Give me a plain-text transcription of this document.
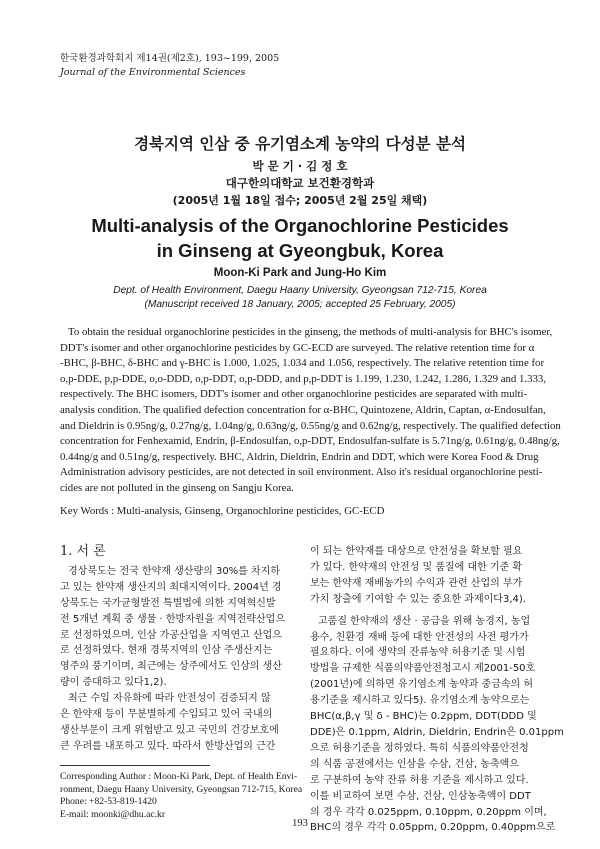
한국환경과학회지 제14권(제2호), 193~199, 2005
Journal of the Environmental Sciences
경북지역 인삼 중 유기염소계 농약의 다성분 분석
박 문 기 · 김 정 호
대구한의대학교 보건환경학과
(2005년 1월 18일 접수; 2005년 2월 25일 채택)
Multi-analysis of the Organochlorine Pesticides
in Ginseng at Gyeongbuk, Korea
Moon-Ki Park and Jung-Ho Kim
Dept. of Health Environment, Daegu Haany University, Gyeongsan 712-715, Korea
(Manuscript received 18 January, 2005; accepted 25 February, 2005)
To obtain the residual organochlorine pesticides in the ginseng, the methods of multi-analysis for BHC's isomer,
DDT's isomer and other organochlorine pesticides by GC-ECD are surveyed. The relative retention time for α
-BHC, β-BHC, δ-BHC and γ-BHC is 1.000, 1.025, 1.034 and 1.056, respectively. The relative retention time for
o,p-DDE, p,p-DDE, o,o-DDD, o,p-DDT, o,p-DDD, and p,p-DDT is 1.199, 1.230, 1.242, 1.286, 1.329 and 1.333,
respectively. The BHC isomers, DDT's isomer and other organochlorine pesticides are separated with multi-
analysis condition. The qualified defection concentration for α-BHC, Quintozene, Aldrin, Captan, α-Endosulfan,
and Dieldrin is 0.95ng/g, 0.27ng/g, 1.04ng/g, 0.63ng/g, 0.55ng/g and 0.62ng/g, respectively. The qualified defection
concentration for Fenhexamid, Endrin, β-Endosulfan, o,p-DDT, Endosulfan-sulfate is 5.71ng/g, 0.61ng/g, 0.48ng/g,
0.44ng/g and 0.51ng/g, respectively. BHC, Aldrin, Dieldrin, Endrin and DDT, which were Korea Food & Drug
Administration advisory pesticides, are not detected in soil environment. Also it's residual organochlorine pesti-
cides are not polluted in the ginseng on Sangju Korea.
Key Words : Multi-analysis, Ginseng, Organochlorine pesticides, GC-ECD
1. 서 론
경상북도는 전국 한약재 생산량의 30%를 차지하
고 있는 한약재 생산지의 최대지역이다. 2004년 경
상북도는 국가균형발전 특별법에 의한 지역혁신발
전 5개년 계획 중 생물 · 한방자원을 지역전략산업으
로 선정하였으며, 인삼 가공산업을 지역연고 산업으
로 선정하였다. 현재 경북지역의 인삼 주생산지는
영주의 풍기이며, 최근에는 상주에서도 인삼의 생산
량이 증대하고 있다1,2).
최근 수입 자유화에 따라 안전성이 검증되지 않
은 한약재 등이 무분별하게 수입되고 있어 국내의
생산부문이 크게 위협받고 있고 국민의 건강보호에
큰 우려를 내포하고 있다. 따라서 한방산업의 근간
이 되는 한약재를 대상으로 안전성을 확보할 필요
가 있다. 한약재의 안전성 및 품질에 대한 기준 확
보는 한약재 재배농가의 수익과 관련 산업의 부가
가치 창출에 기여할 수 있는 중요한 과제이다3,4).
고품질 한약재의 생산 · 공급을 위해 농경지, 농업
용수, 친환경 재배 등에 대한 안전성의 사전 평가가
필요하다. 이에 생약의 잔류농약 허용기준 및 시험
방법을 규제한 식품의약품안전청고시 제2001-50호
(2001년)에 의하면 유기염소계 농약과 중금속의 허
용기준을 제시하고 있다5). 유기염소계 농약으로는
BHC(α,β,γ 및 δ - BHC)는 0.2ppm, DDT(DDD 및
DDE)은 0.1ppm, Aldrin, Dieldrin, Endrin은 0.01ppm
으로 허용기준을 정하였다. 특히 식품의약품안전청
의 식품 공전에서는 인삼을 수삼, 건삼, 농축액으
로 구분하여 농약 잔류 허용 기준을 제시하고 있다.
이를 비교하여 보면 수삼, 건삼, 인삼농축액이 DDT
의 경우 각각 0.025ppm, 0.10ppm, 0.20ppm 이며,
BHC의 경우 각각 0.05ppm, 0.20ppm, 0.40ppm으로
Corresponding Author : Moon-Ki Park, Dept. of Health Envi-
ronment, Daegu Haany University, Gyeongsan 712-715, Korea
Phone: +82-53-819-1420
E-mail: moonki@dhu.ac.kr
193
